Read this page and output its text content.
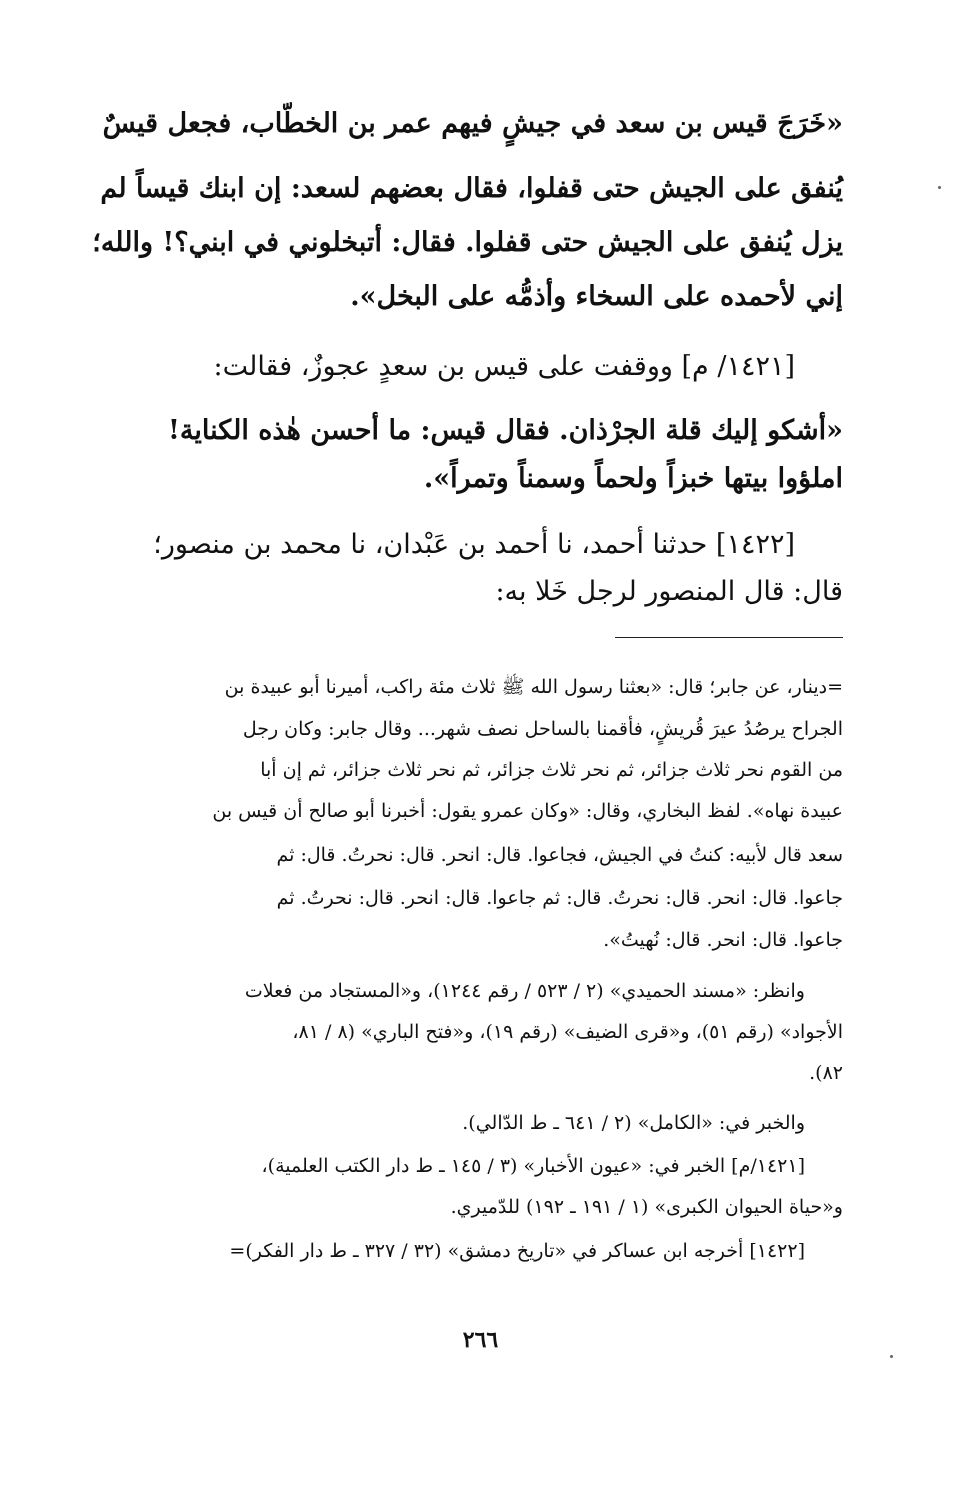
«خَرَجَ قيس بن سعد في جيشٍ فيهم عمر بن الخطّاب، فجعل قيسٌ
يُنفق على الجيش حتى قفلوا، فقال بعضهم لسعد: إن ابنك قيساً لم
يزل يُنفق على الجيش حتى قفلوا. فقال: أتبخلوني في ابني؟! والله؛
إني لأحمده على السخاء وأذمُّه على البخل».
[١٤٢١/ م] ووقفت على قيس بن سعدٍ عجوزٌ، فقالت:
«أشكو إليك قلة الجرْذان. فقال قيس: ما أحسن هٰذه الكناية!
املؤوا بيتها خبزاً ولحماً وسمناً وتمراً».
[١٤٢٢] حدثنا أحمد، نا أحمد بن عَبْدان، نا محمد بن منصور؛
قال: قال المنصور لرجل خَلا به:
=دينار، عن جابر؛ قال: «بعثنا رسول الله ﷺ ثلاث مئة راكب، أميرنا أبو عبيدة بن
الجراح يرصُدُ عيرَ قُريشٍ، فأقمنا بالساحل نصف شهر... وقال جابر: وكان رجل
من القوم نحر ثلاث جزائر، ثم نحر ثلاث جزائر، ثم نحر ثلاث جزائر، ثم إن أبا
عبيدة نهاه». لفظ البخاري، وقال: «وكان عمرو يقول: أخبرنا أبو صالح أن قيس بن
سعد قال لأبيه: كنتُ في الجيش، فجاعوا. قال: انحر. قال: نحرتُ. قال: ثم
جاعوا. قال: انحر. قال: نحرتُ. قال: ثم جاعوا. قال: انحر. قال: نحرتُ. ثم
جاعوا. قال: انحر. قال: نُهيتُ».
وانظر: «مسند الحميدي» (٢ / ٥٢٣ / رقم ١٢٤٤)، و«المستجاد من فعلات
الأجواد» (رقم ٥١)، و«قرى الضيف» (رقم ١٩)، و«فتح الباري» (٨ / ٨١،
٨٢).
والخبر في: «الكامل» (٢ / ٦٤١ ـ ط الدّالي).
[١٤٢١/م] الخبر في: «عيون الأخبار» (٣ / ١٤٥ ـ ط دار الكتب العلمية)،
و«حياة الحيوان الكبرى» (١ / ١٩١ ـ ١٩٢) للدّميري.
[١٤٢٢] أخرجه ابن عساكر في «تاريخ دمشق» (٣٢ / ٣٢٧ ـ ط دار الفكر)=
٢٦٦
